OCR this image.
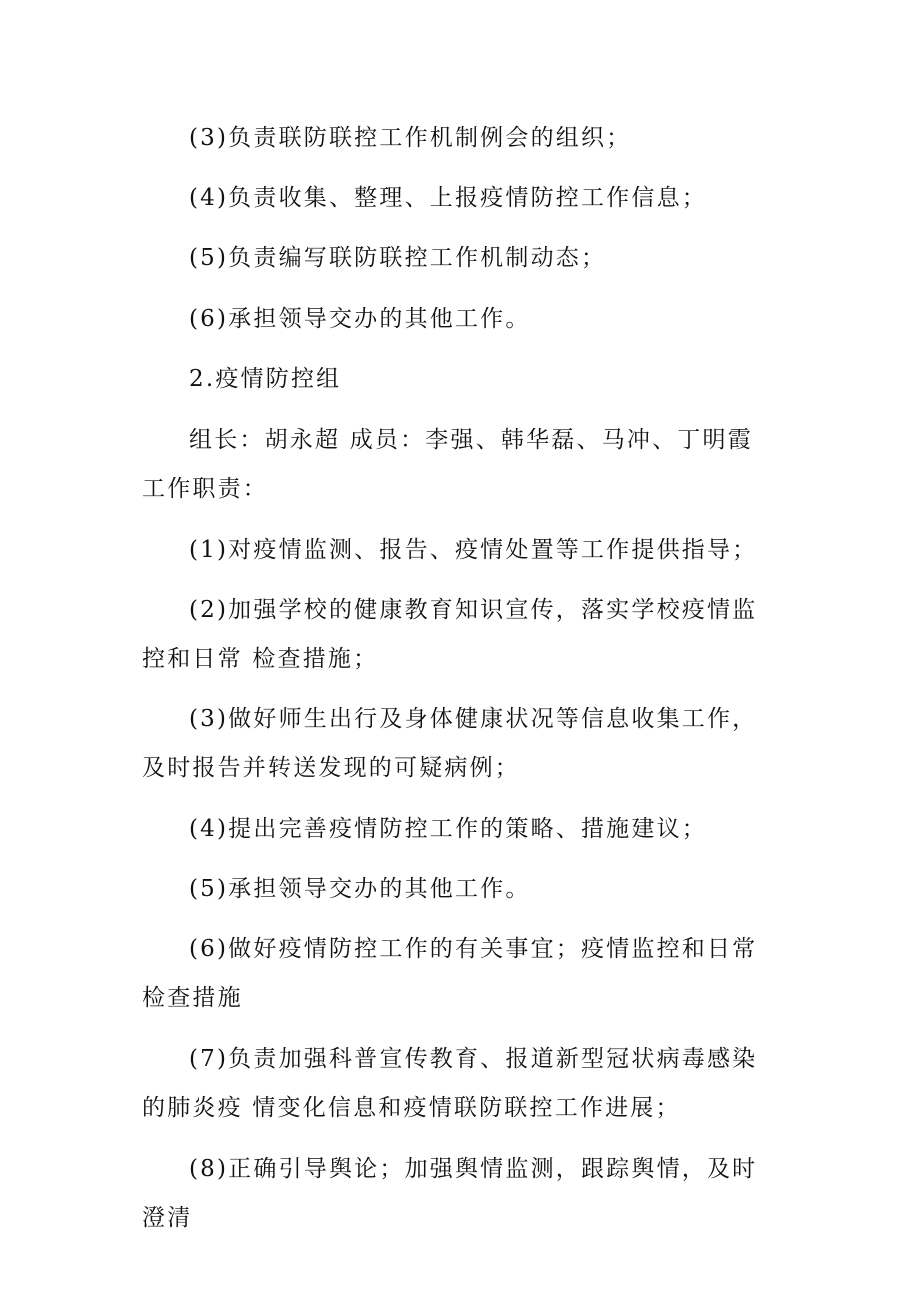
(3)负责联防联控工作机制例会的组织；

(4)负责收集、整理、上报疫情防控工作信息；

(5)负责编写联防联控工作机制动态；

(6)承担领导交办的其他工作。

2.疫情防控组

组长：胡永超 成员：李强、韩华磊、马冲、丁明霞 工作职责：

(1)对疫情监测、报告、疫情处置等工作提供指导；

(2)加强学校的健康教育知识宣传，落实学校疫情监控和日常 检查措施；

(3)做好师生出行及身体健康状况等信息收集工作，及时报告并转送发现的可疑病例；

(4)提出完善疫情防控工作的策略、措施建议；

(5)承担领导交办的其他工作。

(6)做好疫情防控工作的有关事宜；疫情监控和日常检查措施

(7)负责加强科普宣传教育、报道新型冠状病毒感染的肺炎疫 情变化信息和疫情联防联控工作进展；

(8)正确引导舆论；加强舆情监测，跟踪舆情，及时澄清
